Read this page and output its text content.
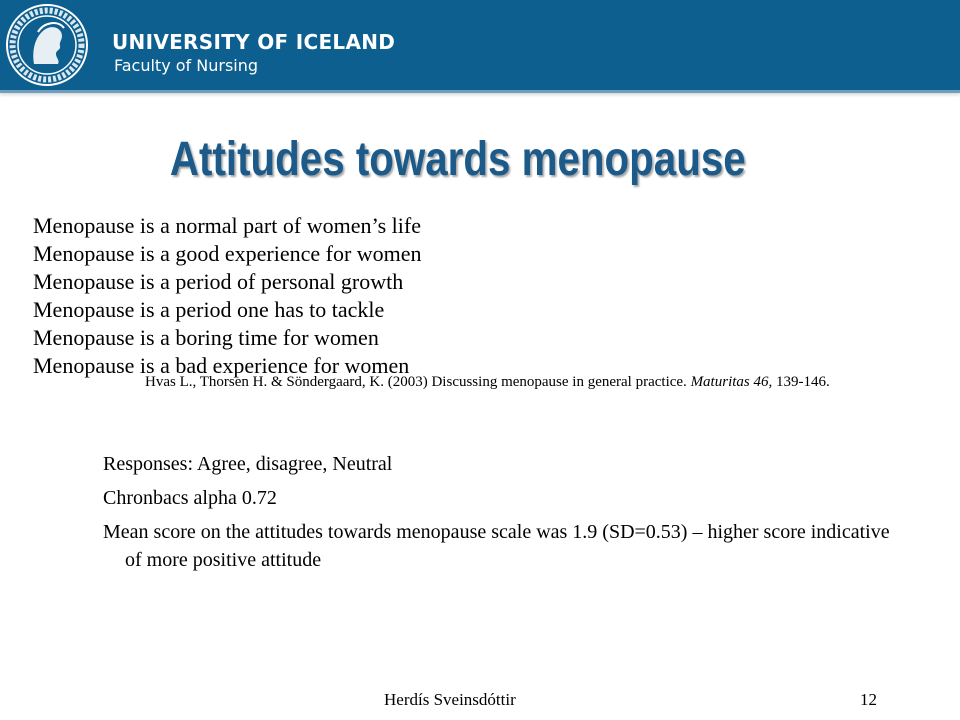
UNIVERSITY OF ICELAND
Faculty of Nursing
Attitudes towards menopause
Menopause is a normal part of women’s life
Menopause is a good experience for women
Menopause is a period of personal growth
Menopause is a period one has to tackle
Menopause is a boring time for women
Menopause is a bad experience for women
Hvas L., Thorsen H. & Söndergaard, K. (2003) Discussing menopause in general practice. Maturitas 46, 139-146.

Responses: Agree, disagree, Neutral

Chronbacs alpha 0.72

Mean score on the attitudes towards menopause scale was 1.9 (SD=0.53) – higher score indicative of more positive attitude

Herdís Sveinsdóttir	12
